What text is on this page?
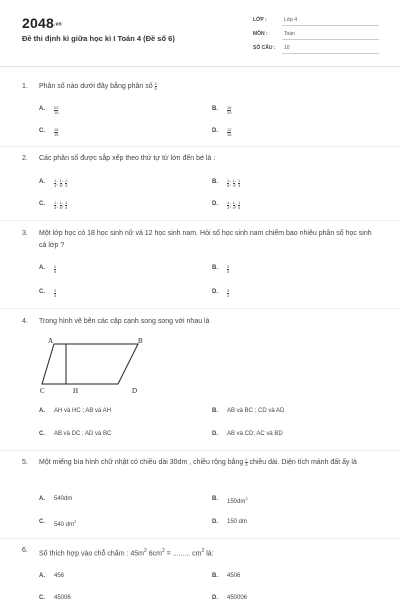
2048.vn
Đề thi định kì giữa học kì I Toán 4 (Đề số 6)
LỚP :	Lớp 4
MÔN :	Toán
SỐ CÂU : 10
1. Phân số nào dưới đây bằng phân số $\frac{4}{5}$
A. $\frac{20}{16}$	B. $\frac{16}{20}$
C. $\frac{16}{15}$	D. $\frac{12}{16}$
2. Các phân số được sắp xếp theo thứ tự từ lớn đến bé là :
A. $\frac{1}{4}$ ; $\frac{1}{6}$ ; $\frac{1}{3}$	B. $\frac{1}{6}$ ; $\frac{1}{4}$ ; $\frac{1}{3}$
C. $\frac{1}{3}$ ; $\frac{1}{6}$ ; $\frac{1}{4}$	D. $\frac{1}{3}$ ; $\frac{1}{4}$ ; $\frac{1}{6}$
3. Một lớp học có 18 học sinh nữ và 12 học sinh nam. Hỏi số học sinh nam chiếm bao nhiêu phần số học sinh cả lớp ?
A. $\frac{2}{5}$	B. $\frac{3}{5}$
C. $\frac{2}{3}$	D. $\frac{3}{2}$
4. Trong hình vẽ bên các cặp cạnh song song với nhau là
A	B
C	H	D
A. AH và HC ; AB và AH	B. AB và BC ; CD và AD
C. AB và DC ; AD và BC	D. AB và CD; AC và BD
5. Một miếng bìa hình chữ nhật có chiều dài 30dm , chiều rộng bằng $\frac{2}{3}$ chiều dài. Diện tích mảnh đất ấy là
A. 540dm	B. $150dm^2$
C. 540 $dm^2$	D. 150 dm
6. Số thích hợp vào chỗ chấm : $45m^2$ $6cm^2$ = ......... $cm^2$ là:
A. 456	B. 4506
C. 45006	D. 450006
